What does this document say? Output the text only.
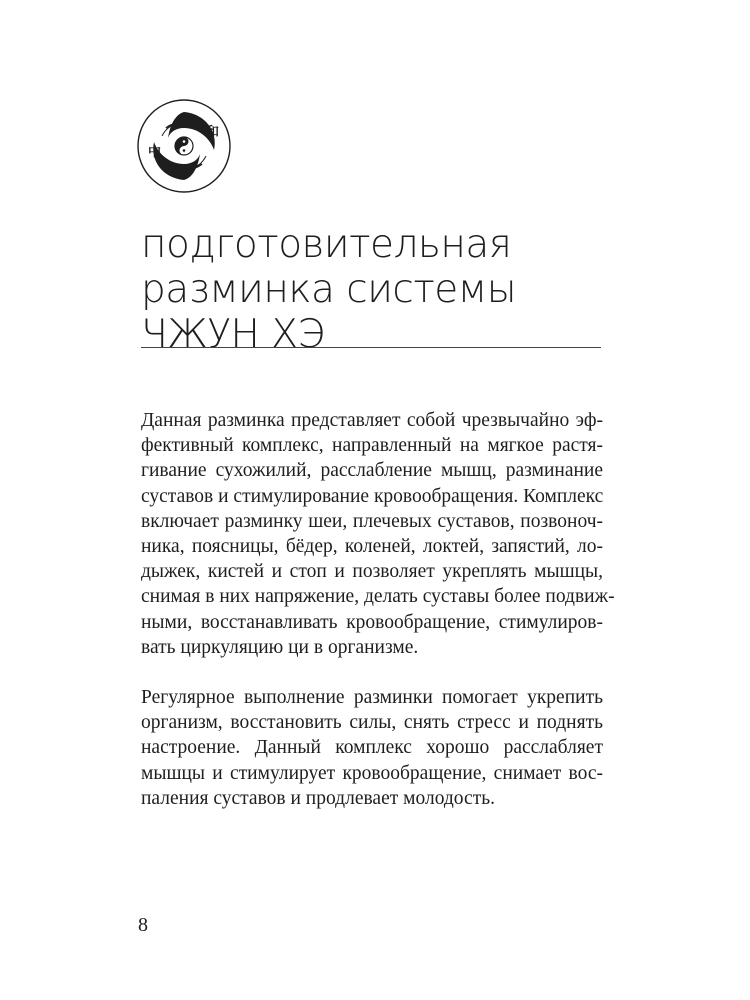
中
和
подготовительная
разминка системы
ЧЖУН ХЭ

Данная разминка представляет собой чрезвычайно эф-
фективный комплекс, направленный на мягкое растя-
гивание сухожилий, расслабление мышц, разминание
суставов и стимулирование кровообращения. Комплекс
включает разминку шеи, плечевых суставов, позвоноч-
ника, поясницы, бёдер, коленей, локтей, запястий, ло-
дыжек, кистей и стоп и позволяет укреплять мышцы,
снимая в них напряжение, делать суставы более подвиж-
ными, восстанавливать кровообращение, стимулиров-
вать циркуляцию ци в организме.

Регулярное выполнение разминки помогает укрепить
организм, восстановить силы, снять стресс и поднять
настроение. Данный комплекс хорошо расслабляет
мышцы и стимулирует кровообращение, снимает вос-
паления суставов и продлевает молодость.

8
